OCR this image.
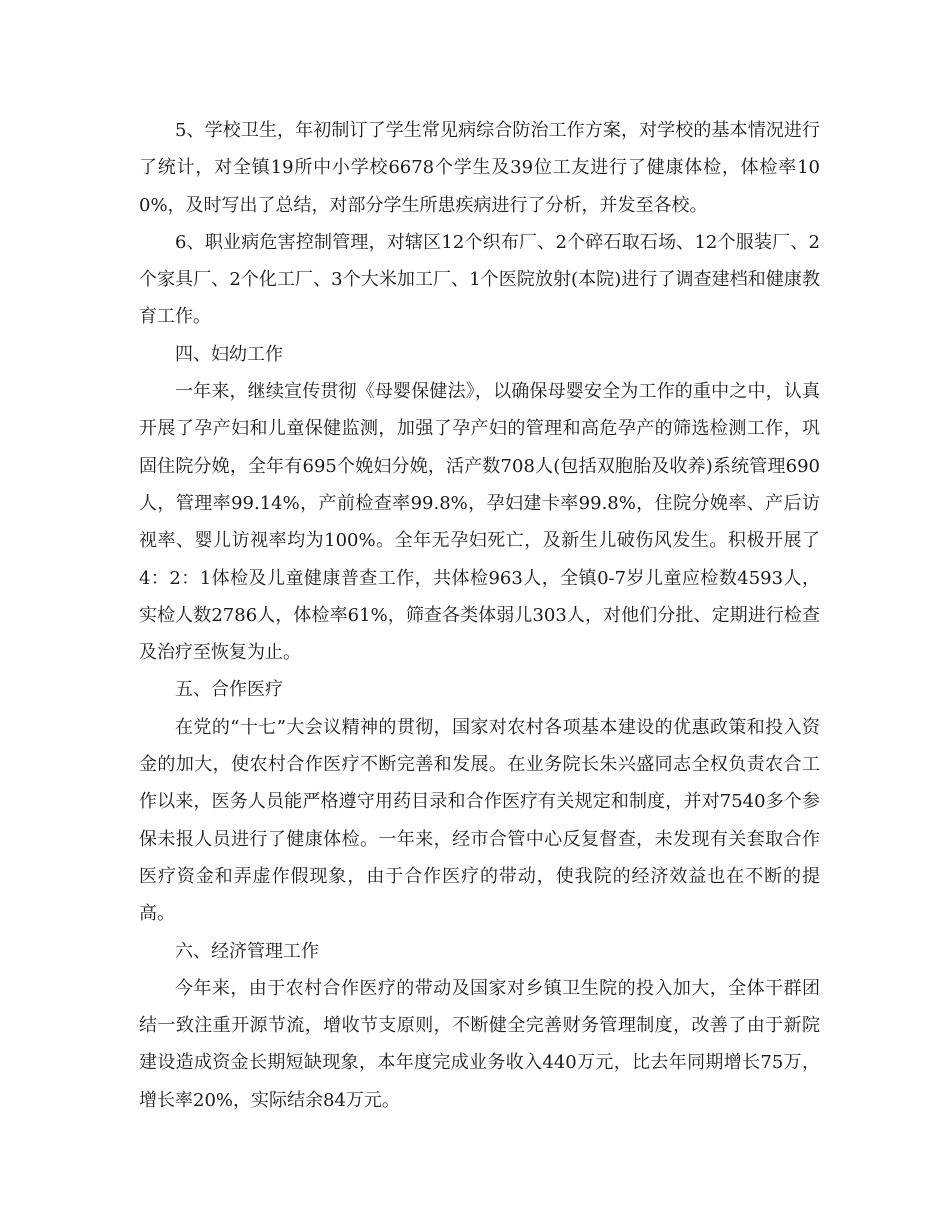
5、学校卫生，年初制订了学生常见病综合防治工作方案，对学校的基本情况进行了统计，对全镇19所中小学校6678个学生及39位工友进行了健康体检，体检率100%，及时写出了总结，对部分学生所患疾病进行了分析，并发至各校。

6、职业病危害控制管理，对辖区12个织布厂、2个碎石取石场、12个服装厂、2个家具厂、2个化工厂、3个大米加工厂、1个医院放射(本院)进行了调查建档和健康教育工作。

四、妇幼工作

一年来，继续宣传贯彻《母婴保健法》，以确保母婴安全为工作的重中之中，认真开展了孕产妇和儿童保健监测，加强了孕产妇的管理和高危孕产的筛选检测工作，巩固住院分娩，全年有695个娩妇分娩，活产数708人(包括双胞胎及收养)系统管理690人，管理率99.14%，产前检查率99.8%，孕妇建卡率99.8%，住院分娩率、产后访视率、婴儿访视率均为100%。全年无孕妇死亡，及新生儿破伤风发生。积极开展了4：2：1体检及儿童健康普查工作，共体检963人，全镇0-7岁儿童应检数4593人，实检人数2786人，体检率61%，筛查各类体弱儿303人，对他们分批、定期进行检查及治疗至恢复为止。

五、合作医疗

在党的“十七”大会议精神的贯彻，国家对农村各项基本建设的优惠政策和投入资金的加大，使农村合作医疗不断完善和发展。在业务院长朱兴盛同志全权负责农合工作以来，医务人员能严格遵守用药目录和合作医疗有关规定和制度，并对7540多个参保未报人员进行了健康体检。一年来，经市合管中心反复督查，未发现有关套取合作医疗资金和弄虚作假现象，由于合作医疗的带动，使我院的经济效益也在不断的提高。

六、经济管理工作

今年来，由于农村合作医疗的带动及国家对乡镇卫生院的投入加大，全体干群团结一致注重开源节流，增收节支原则，不断健全完善财务管理制度，改善了由于新院建设造成资金长期短缺现象，本年度完成业务收入440万元，比去年同期增长75万，增长率20%，实际结余84万元。
